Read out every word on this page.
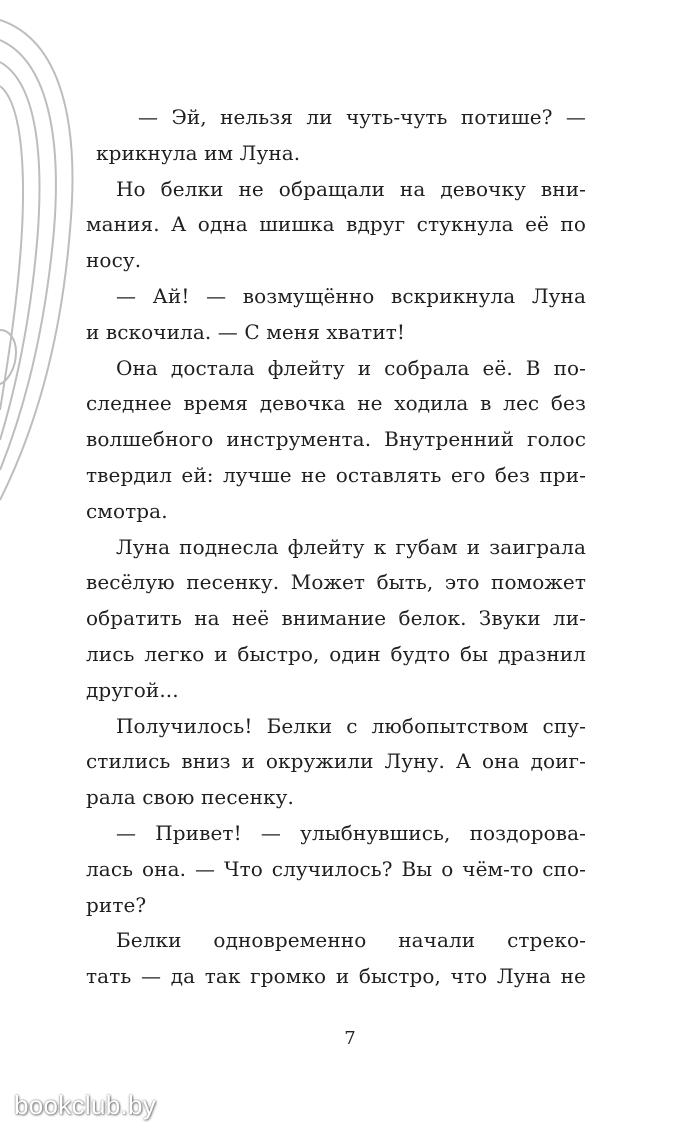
— Эй, нельзя ли чуть-чуть потише? —
крикнула им Луна.
Но белки не обращали на девочку вни-
мания. А одна шишка вдруг стукнула её по
носу.
— Ай! — возмущённо вскрикнула Луна
и вскочила. — С меня хватит!
Она достала флейту и собрала её. В по-
следнее время девочка не ходила в лес без
волшебного инструмента. Внутренний голос
твердил ей: лучше не оставлять его без при-
смотра.
Луна поднесла флейту к губам и заиграла
весёлую песенку. Может быть, это поможет
обратить на неё внимание белок. Звуки ли-
лись легко и быстро, один будто бы дразнил
другой...
Получилось! Белки с любопытством спу-
стились вниз и окружили Луну. А она доиг-
рала свою песенку.
— Привет! — улыбнувшись, поздорова-
лась она. — Что случилось? Вы о чём-то спо-
рите?
Белки одновременно начали стреко-
тать — да так громко и быстро, что Луна не
7
bookclub.by
